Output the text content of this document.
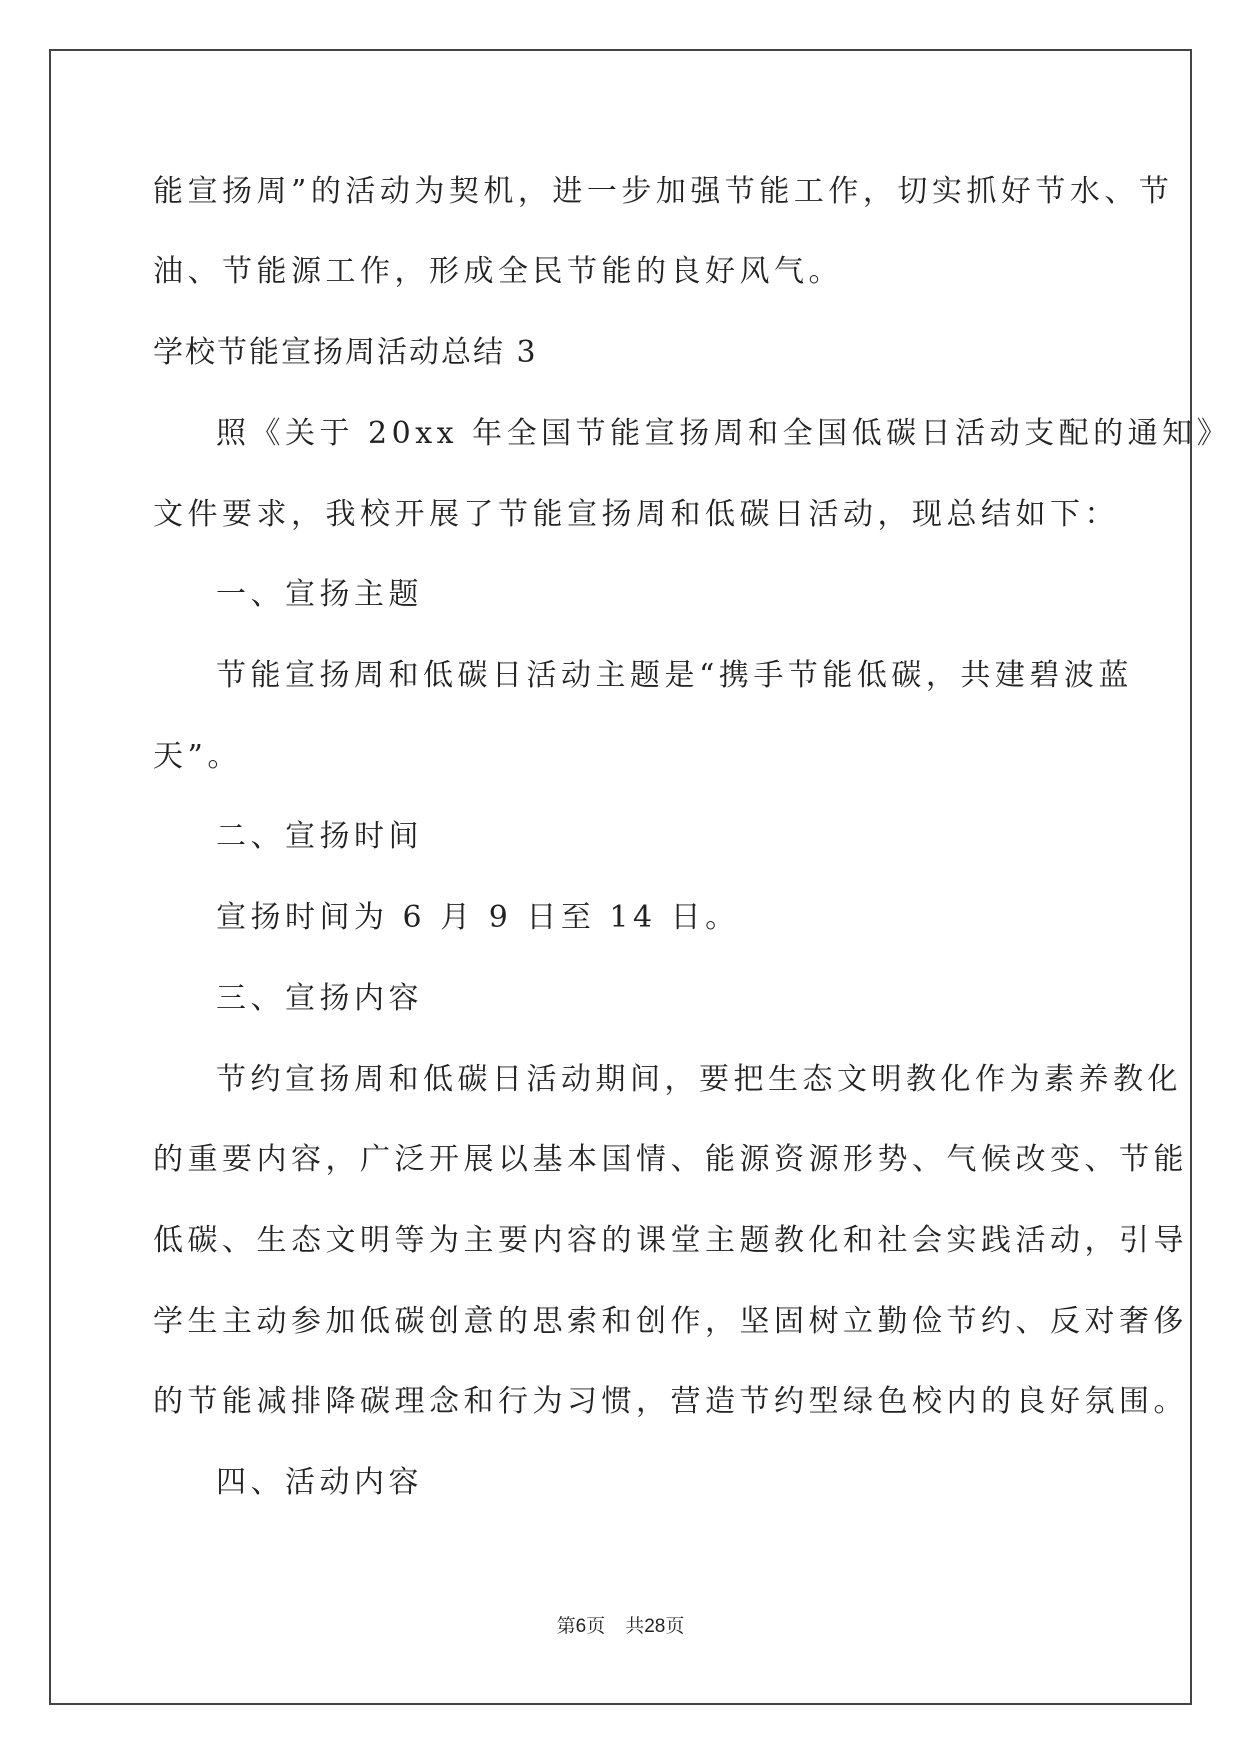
能宣扬周”的活动为契机，进一步加强节能工作，切实抓好节水、节
油、节能源工作，形成全民节能的良好风气。
学校节能宣扬周活动总结 3
照《关于 20xx 年全国节能宣扬周和全国低碳日活动支配的通知》
文件要求，我校开展了节能宣扬周和低碳日活动，现总结如下：
一、宣扬主题
节能宣扬周和低碳日活动主题是“携手节能低碳，共建碧波蓝
天”。
二、宣扬时间
宣扬时间为 6 月 9 日至 14 日。
三、宣扬内容
节约宣扬周和低碳日活动期间，要把生态文明教化作为素养教化
的重要内容，广泛开展以基本国情、能源资源形势、气候改变、节能
低碳、生态文明等为主要内容的课堂主题教化和社会实践活动，引导
学生主动参加低碳创意的思索和创作，坚固树立勤俭节约、反对奢侈
的节能减排降碳理念和行为习惯，营造节约型绿色校内的良好氛围。
四、活动内容
第6页 共28页
